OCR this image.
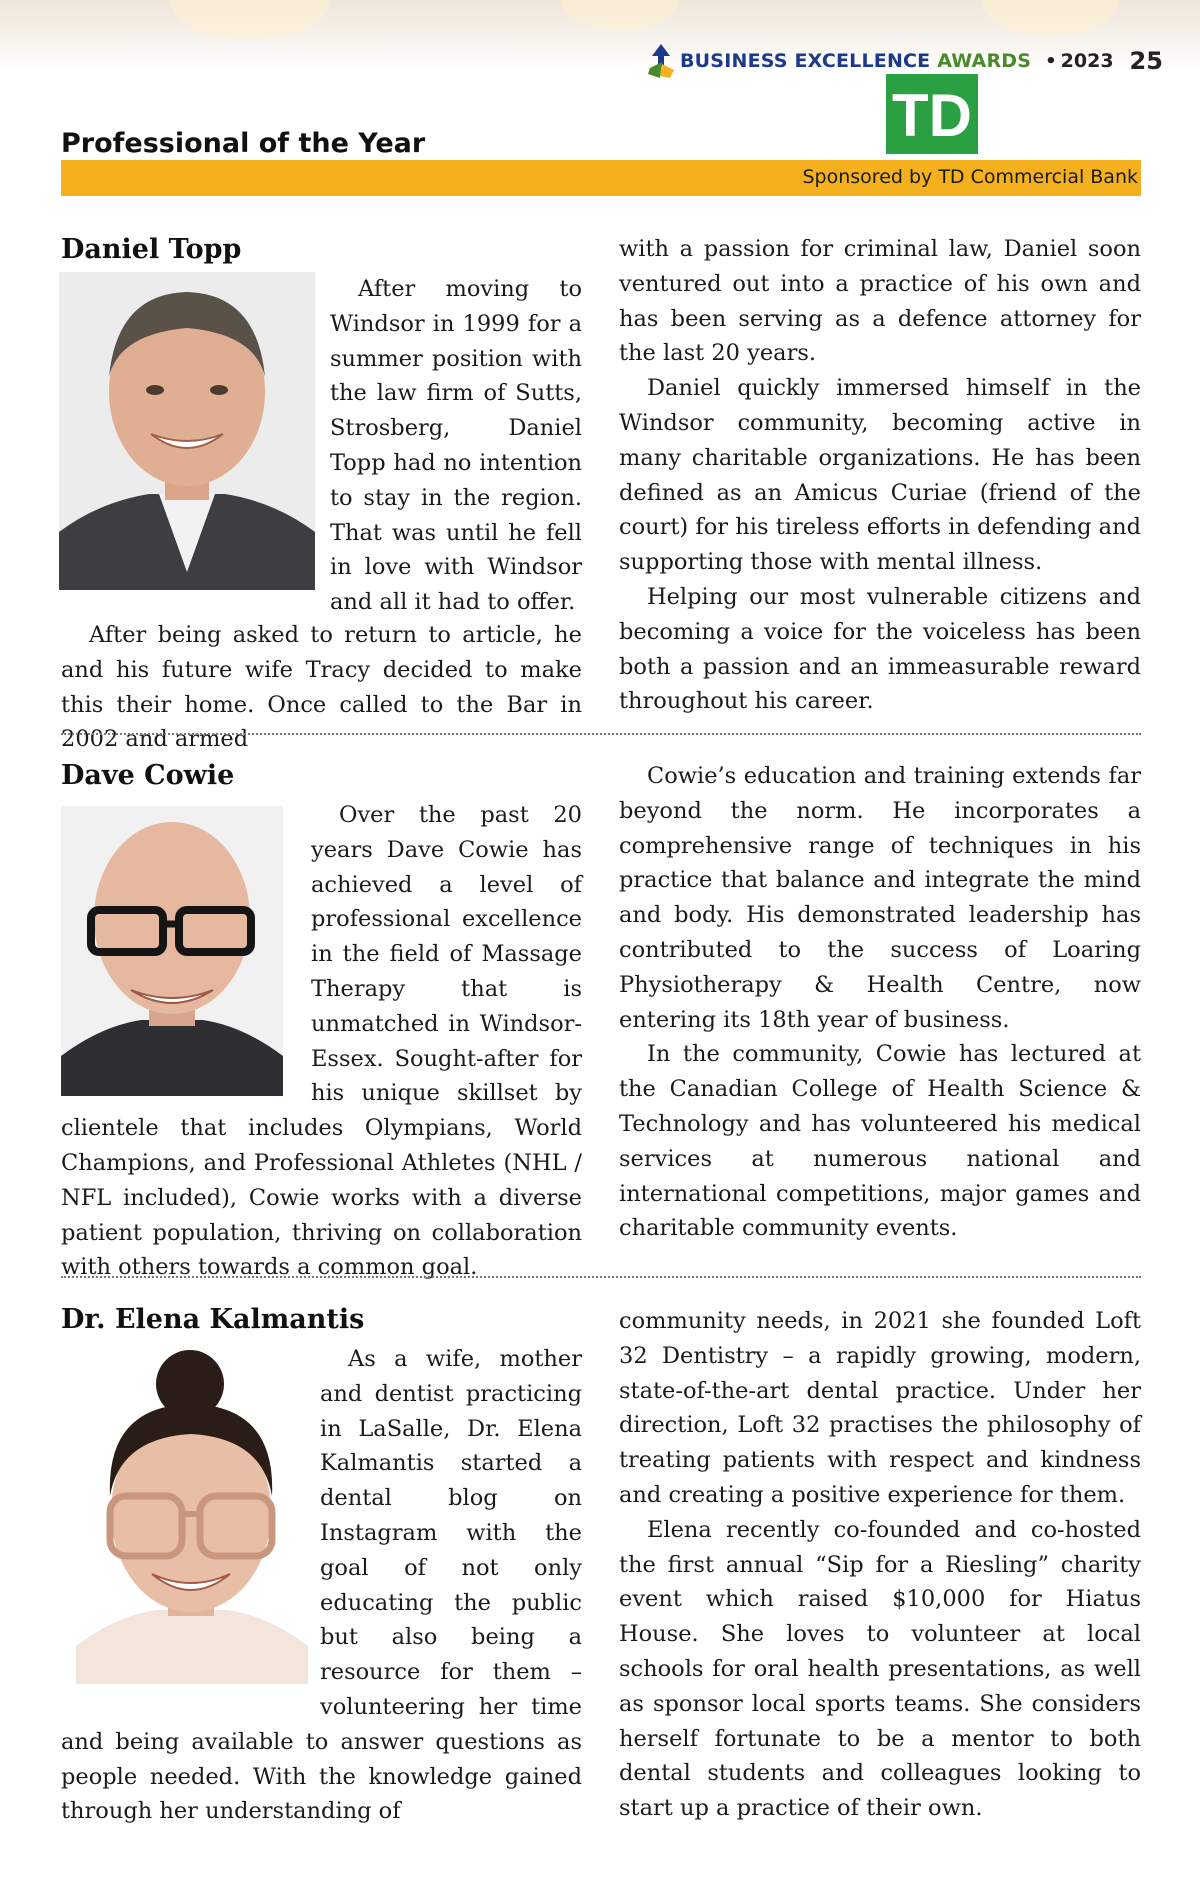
BUSINESS EXCELLENCE AWARDS • 2023 25
TD
Professional of the Year
Sponsored by TD Commercial Bank
Daniel Topp

After moving to Windsor in 1999 for a summer position with the law firm of Sutts, Strosberg, Daniel Topp had no intention to stay in the region. That was until he fell in love with Windsor and all it had to offer.

After being asked to return to article, he and his future wife Tracy decided to make this their home. Once called to the Bar in 2002 and armed

with a passion for criminal law, Daniel soon ventured out into a practice of his own and has been serving as a defence attorney for the last 20 years.

Daniel quickly immersed himself in the Windsor community, becoming active in many charitable organizations. He has been defined as an Amicus Curiae (friend of the court) for his tireless efforts in defending and supporting those with mental illness.

Helping our most vulnerable citizens and becoming a voice for the voiceless has been both a passion and an immeasurable reward throughout his career.

Dave Cowie

Over the past 20 years Dave Cowie has achieved a level of professional excellence in the field of Massage Therapy that is unmatched in Windsor-Essex. Sought-after for his unique skillset by clientele that includes Olympians, World Champions, and Professional Athletes (NHL / NFL included), Cowie works with a diverse patient population, thriving on collaboration with others towards a common goal.

Cowie’s education and training extends far beyond the norm. He incorporates a comprehensive range of techniques in his practice that balance and integrate the mind and body. His demonstrated leadership has contributed to the success of Loaring Physiotherapy & Health Centre, now entering its 18th year of business.

In the community, Cowie has lectured at the Canadian College of Health Science & Technology and has volunteered his medical services at numerous national and international competitions, major games and charitable community events.

Dr. Elena Kalmantis

As a wife, mother and dentist practicing in LaSalle, Dr. Elena Kalmantis started a dental blog on Instagram with the goal of not only educating the public but also being a resource for them – volunteering her time and being available to answer questions as people needed. With the knowledge gained through her understanding of

community needs, in 2021 she founded Loft 32 Dentistry – a rapidly growing, modern, state-of-the-art dental practice. Under her direction, Loft 32 practises the philosophy of treating patients with respect and kindness and creating a positive experience for them.

Elena recently co-founded and co-hosted the first annual “Sip for a Riesling” charity event which raised $10,000 for Hiatus House. She loves to volunteer at local schools for oral health presentations, as well as sponsor local sports teams. She considers herself fortunate to be a mentor to both dental students and colleagues looking to start up a practice of their own.
